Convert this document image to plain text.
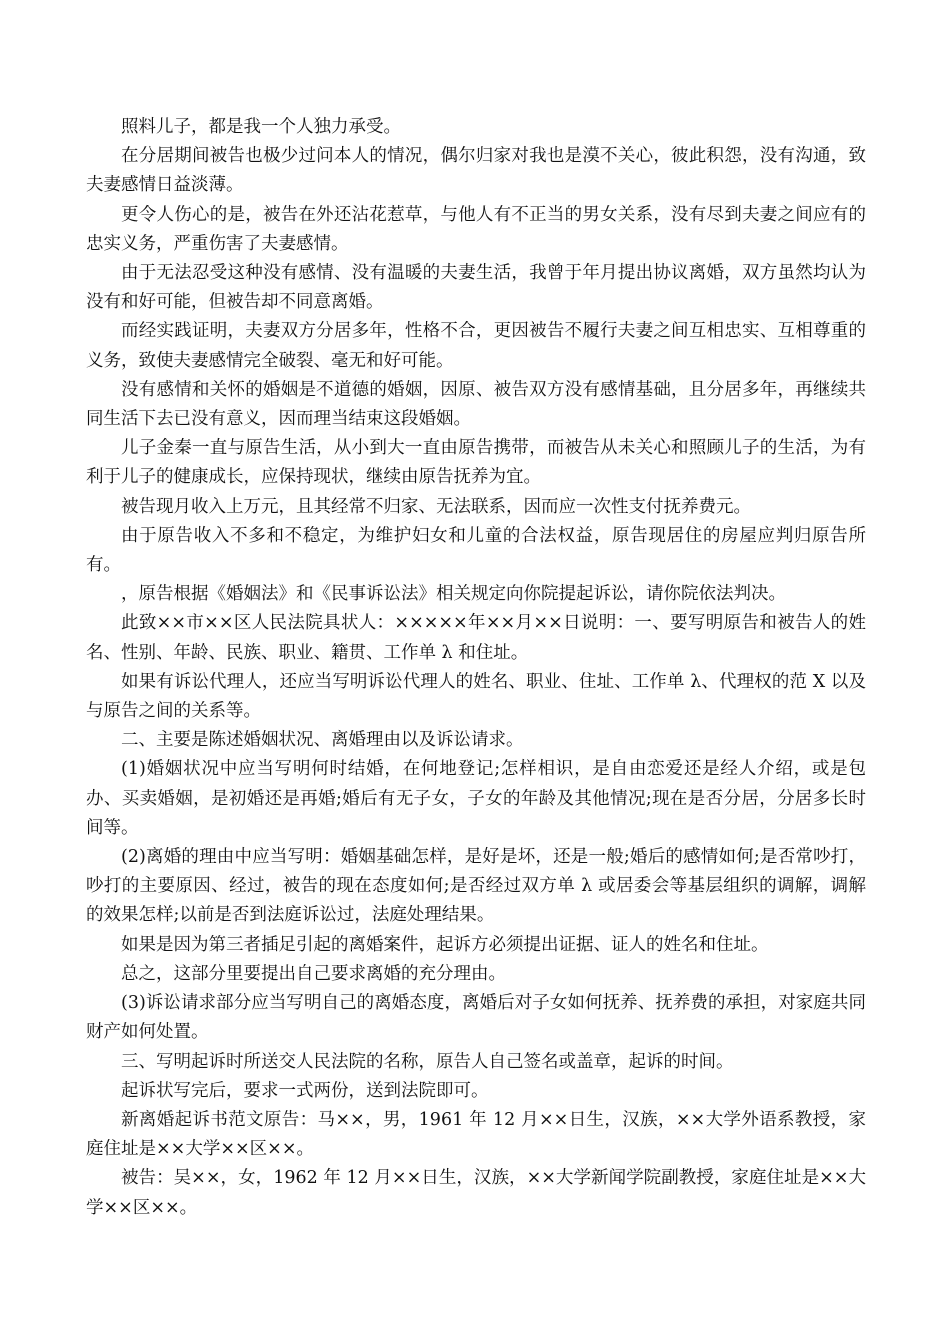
照料儿子，都是我一个人独力承受。

在分居期间被告也极少过问本人的情况，偶尔归家对我也是漠不关心，彼此积怨，没有沟通，致夫妻感情日益淡薄。

更令人伤心的是，被告在外还沾花惹草，与他人有不正当的男女关系，没有尽到夫妻之间应有的忠实义务，严重伤害了夫妻感情。

由于无法忍受这种没有感情、没有温暖的夫妻生活，我曾于年月提出协议离婚，双方虽然均认为没有和好可能，但被告却不同意离婚。

而经实践证明，夫妻双方分居多年，性格不合，更因被告不履行夫妻之间互相忠实、互相尊重的义务，致使夫妻感情完全破裂、毫无和好可能。

没有感情和关怀的婚姻是不道德的婚姻，因原、被告双方没有感情基础，且分居多年，再继续共同生活下去已没有意义，因而理当结束这段婚姻。

儿子金秦一直与原告生活，从小到大一直由原告携带，而被告从未关心和照顾儿子的生活，为有利于儿子的健康成长，应保持现状，继续由原告抚养为宜。

被告现月收入上万元，且其经常不归家、无法联系，因而应一次性支付抚养费元。

由于原告收入不多和不稳定，为维护妇女和儿童的合法权益，原告现居住的房屋应判归原告所有。

，原告根据《婚姻法》和《民事诉讼法》相关规定向你院提起诉讼，请你院依法判决。

此致××市××区人民法院具状人：×××××年××月××日说明：一、要写明原告和被告人的姓名、性别、年龄、民族、职业、籍贯、工作单 λ 和住址。

如果有诉讼代理人，还应当写明诉讼代理人的姓名、职业、住址、工作单 λ、代理权的范 X 以及与原告之间的关系等。

二、主要是陈述婚姻状况、离婚理由以及诉讼请求。

(1)婚姻状况中应当写明何时结婚，在何地登记;怎样相识，是自由恋爱还是经人介绍，或是包办、买卖婚姻，是初婚还是再婚;婚后有无子女，子女的年龄及其他情况;现在是否分居，分居多长时间等。

(2)离婚的理由中应当写明：婚姻基础怎样，是好是坏，还是一般;婚后的感情如何;是否常吵打，吵打的主要原因、经过，被告的现在态度如何;是否经过双方单 λ 或居委会等基层组织的调解，调解的效果怎样;以前是否到法庭诉讼过，法庭处理结果。

如果是因为第三者插足引起的离婚案件，起诉方必须提出证据、证人的姓名和住址。

总之，这部分里要提出自己要求离婚的充分理由。

(3)诉讼请求部分应当写明自己的离婚态度，离婚后对子女如何抚养、抚养费的承担，对家庭共同财产如何处置。

三、写明起诉时所送交人民法院的名称，原告人自己签名或盖章，起诉的时间。

起诉状写完后，要求一式两份，送到法院即可。

新离婚起诉书范文原告：马××，男，1961 年 12 月××日生，汉族，××大学外语系教授，家庭住址是××大学××区××。

被告：吴××，女，1962 年 12 月××日生，汉族，××大学新闻学院副教授，家庭住址是××大学××区××。
